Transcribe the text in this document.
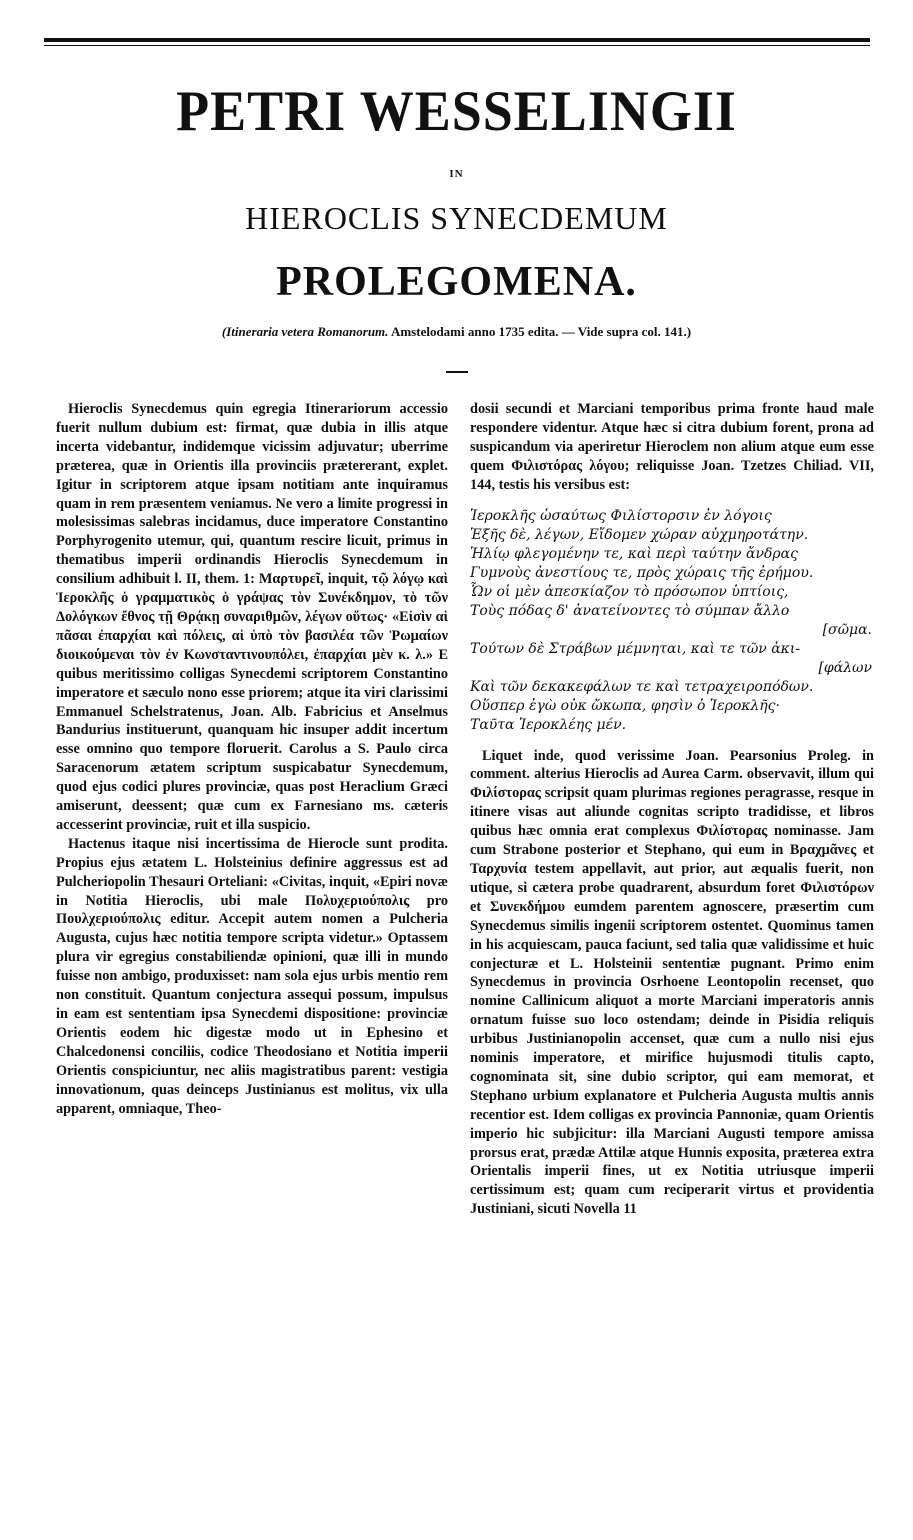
PETRI WESSELINGII
IN
HIEROCLIS SYNECDEMUM
PROLEGOMENA.
(Itineraria vetera Romanorum. Amstelodami anno 1735 edita. — Vide supra col. 141.)

Hieroclis Synecdemus quin egregia Itinerariorum accessio fuerit nullum dubium est: firmat, quæ dubia in illis atque incerta videbantur, indidemque vicissim adjuvatur; uberrime præterea, quæ in Orientis illa provinciis prætererant, explet. Igitur in scriptorem atque ipsam notitiam ante inquiramus quam in rem præsentem veniamus. Ne vero a limite progressi in molesissimas salebras incidamus, duce imperatore Constantino Porphyrogenito utemur, qui, quantum rescire licuit, primus in thematibus imperii ordinandis Hieroclis Synecdemum in consilium adhibuit l. II, them. 1: Μαρτυρεῖ, inquit, τῷ λόγῳ καὶ Ἱεροκλῆς ὁ γραμματικὸς ὁ γράψας τὸν Συνέκδημον, τὸ τῶν Δολόγκων ἔθνος τῇ Θρᾴκῃ συναριθμῶν, λέγων οὕτως· «Εἰσὶν αἱ πᾶσαι ἐπαρχίαι καὶ πόλεις, αἱ ὑπὸ τὸν βασιλέα τῶν Ῥωμαίων διοικούμεναι τὸν ἐν Κωνσταντινουπόλει, ἐπαρχίαι μὲν κ. λ.» E quibus meritissimo colligas Synecdemi scriptorem Constantino imperatore et sæculo nono esse priorem; atque ita viri clarissimi Emmanuel Schelstratenus, Joan. Alb. Fabricius et Anselmus Bandurius instituerunt, quanquam hic insuper addit incertum esse omnino quo tempore floruerit. Carolus a S. Paulo circa Saracenorum ætatem scriptum suspicabatur Synecdemum, quod ejus codici plures provinciæ, quas post Heraclium Græci amiserunt, deessent; quæ cum ex Farnesiano ms. cæteris accesserint provinciæ, ruit et illa suspicio.

Hactenus itaque nisi incertissima de Hierocle sunt prodita. Propius ejus ætatem L. Holsteinius definire aggressus est ad Pulcheriopolin Thesauri Orteliani: «Civitas, inquit, «Epiri novæ in Notitia Hieroclis, ubi male Πολυχεριούπολις pro Πουλχεριούπολις editur. Accepit autem nomen a Pulcheria Augusta, cujus hæc notitia tempore scripta videtur.» Optassem plura vir egregius constabiliendæ opinioni, quæ illi in mundo fuisse non ambigo, produxisset: nam sola ejus urbis mentio rem non constituit. Quantum conjectura assequi possum, impulsus in eam est sententiam ipsa Synecdemi dispositione: provinciæ Orientis eodem hic digestæ modo ut in Ephesino et Chalcedonensi conciliis, codice Theodosiano et Notitia imperii Orientis conspiciuntur, nec aliis magistratibus parent: vestigia innovationum, quas deinceps Justinianus est molitus, vix ulla apparent, omniaque, Theo-

dosii secundi et Marciani temporibus prima fronte haud male respondere videntur. Atque hæc si citra dubium forent, prona ad suspicandum via aperiretur Hieroclem non alium atque eum esse quem Φιλιστόρας λόγου; reliquisse Joan. Tzetzes Chiliad. VII, 144, testis his versibus est:

Ἱεροκλῆς ὡσαύτως Φιλίστορσιν ἐν λόγοις
Ἑξῆς δὲ, λέγων, Εἴδομεν χώραν αὐχμηροτάτην.
Ἡλίῳ φλεγομένην τε, καὶ περὶ ταύτην ἄνδρας
Γυμνοὺς ἀνεστίους τε, πρὸς χώραις τῆς ἐρήμου.
Ὧν οἱ μὲν ἀπεσκίαζον τὸ πρόσωπον ὑπτίοις,
Τοὺς πόδας δ' ἀνατείνοντες τὸ σύμπαν ἄλλο
[σῶμα.
Τούτων δὲ Στράβων μέμνηται, καὶ τε τῶν ἀκι-
[φάλων
Καὶ τῶν δεκακεφάλων τε καὶ τετραχειροπόδων.
Οὕσπερ ἐγὼ οὐκ ὤκωπα, φησὶν ὁ Ἱεροκλῆς·
Ταῦτα Ἱεροκλέης μέν.

Liquet inde, quod verissime Joan. Pearsonius Proleg. in comment. alterius Hieroclis ad Aurea Carm. observavit, illum qui Φιλίστορας scripsit quam plurimas regiones peragrasse, resque in itinere visas aut aliunde cognitas scripto tradidisse, et libros quibus hæc omnia erat complexus Φιλίστορας nominasse. Jam cum Strabone posterior et Stephano, qui eum in Βραχμᾶνες et Ταρχυνία testem appellavit, aut prior, aut æqualis fuerit, non utique, si cætera probe quadrarent, absurdum foret Φιλιστόρων et Συνεκδήμου eumdem parentem agnoscere, præsertim cum Synecdemus similis ingenii scriptorem ostentet. Quominus tamen in his acquiescam, pauca faciunt, sed talia quæ validissime et huic conjecturæ et L. Holsteinii sententiæ pugnant. Primo enim Synecdemus in provincia Osrhoene Leontopolin recenset, quo nomine Callinicum aliquot a morte Marciani imperatoris annis ornatum fuisse suo loco ostendam; deinde in Pisidia reliquis urbibus Justinianopolin accenset, quæ cum a nullo nisi ejus nominis imperatore, et mirifice hujusmodi titulis capto, cognominata sit, sine dubio scriptor, qui eam memorat, et Stephano urbium explanatore et Pulcheria Augusta multis annis recentior est. Idem colligas ex provincia Pannoniæ, quam Orientis imperio hic subjicitur: illa Marciani Augusti tempore amissa prorsus erat, prædæ Attilæ atque Hunnis exposita, præterea extra Orientalis imperii fines, ut ex Notitia utriusque imperii certissimum est; quam cum reciperarit virtus et providentia Justiniani, sicuti Novella 11
